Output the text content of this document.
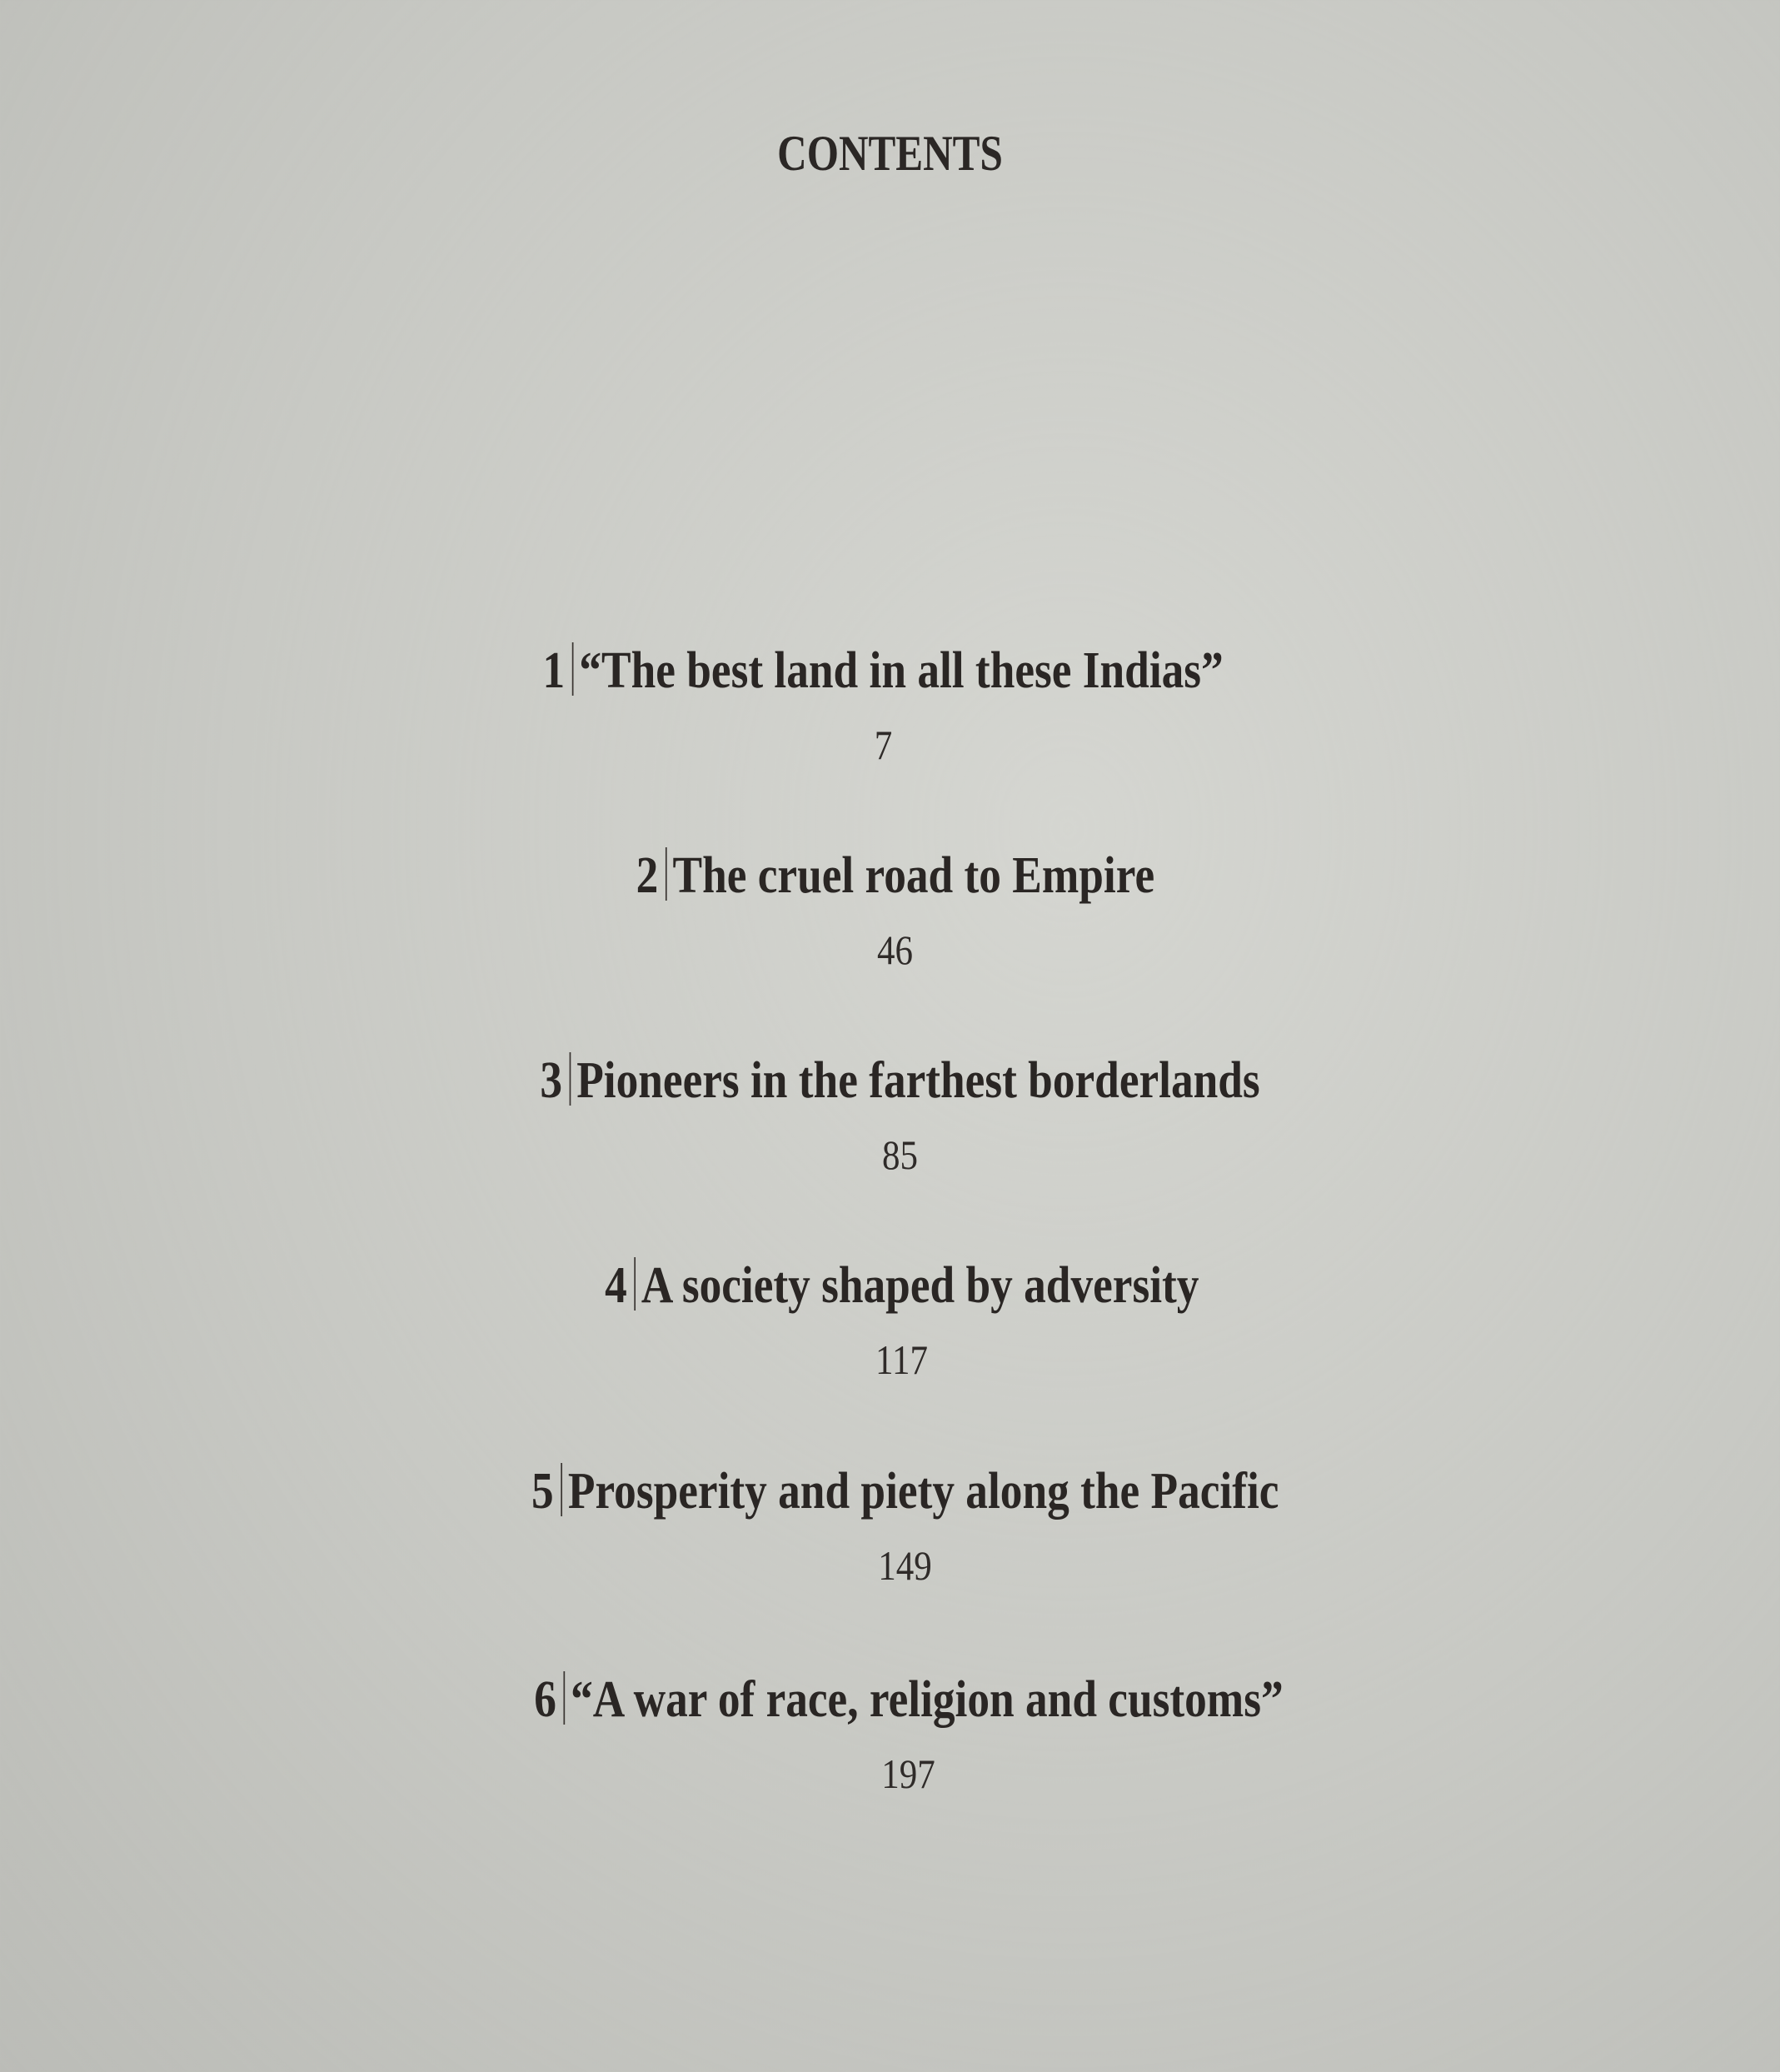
CONTENTS
1 “The best land in all these Indias”
7
2 The cruel road to Empire
46
3 Pioneers in the farthest borderlands
85
4 A society shaped by adversity
117
5 Prosperity and piety along the Pacific
149
6 “A war of race, religion and customs”
197
